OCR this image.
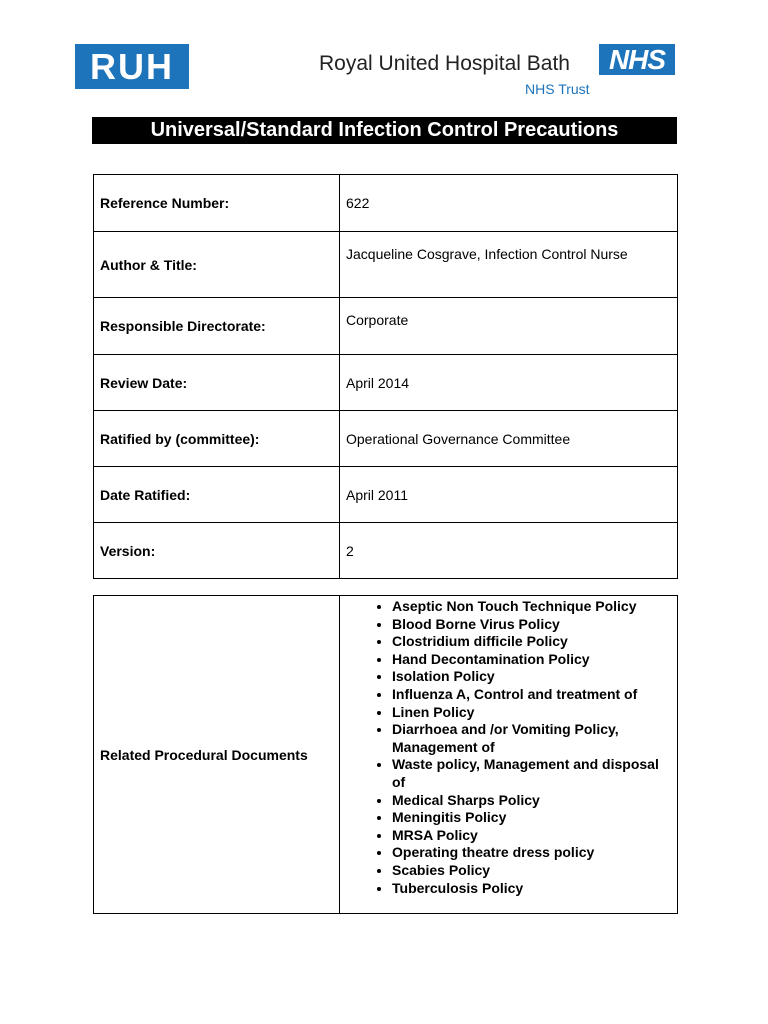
RUH	Royal United Hospital Bath	NHS
NHS Trust
Universal/Standard Infection Control Precautions
Reference Number:	622
Author & Title:	Jacqueline Cosgrave, Infection Control Nurse
Responsible Directorate:	Corporate
Review Date:	April 2014
Ratified by (committee):	Operational Governance Committee
Date Ratified:	April 2011
Version:	2
Related Procedural Documents	
• Aseptic Non Touch Technique Policy
• Blood Borne Virus Policy
• Clostridium difficile Policy
• Hand Decontamination Policy
• Isolation Policy
• Influenza A, Control and treatment of
• Linen Policy
• Diarrhoea and /or Vomiting Policy, Management of
• Waste policy, Management and disposal of
• Medical Sharps Policy
• Meningitis Policy
• MRSA Policy
• Operating theatre dress policy
• Scabies Policy
• Tuberculosis Policy
